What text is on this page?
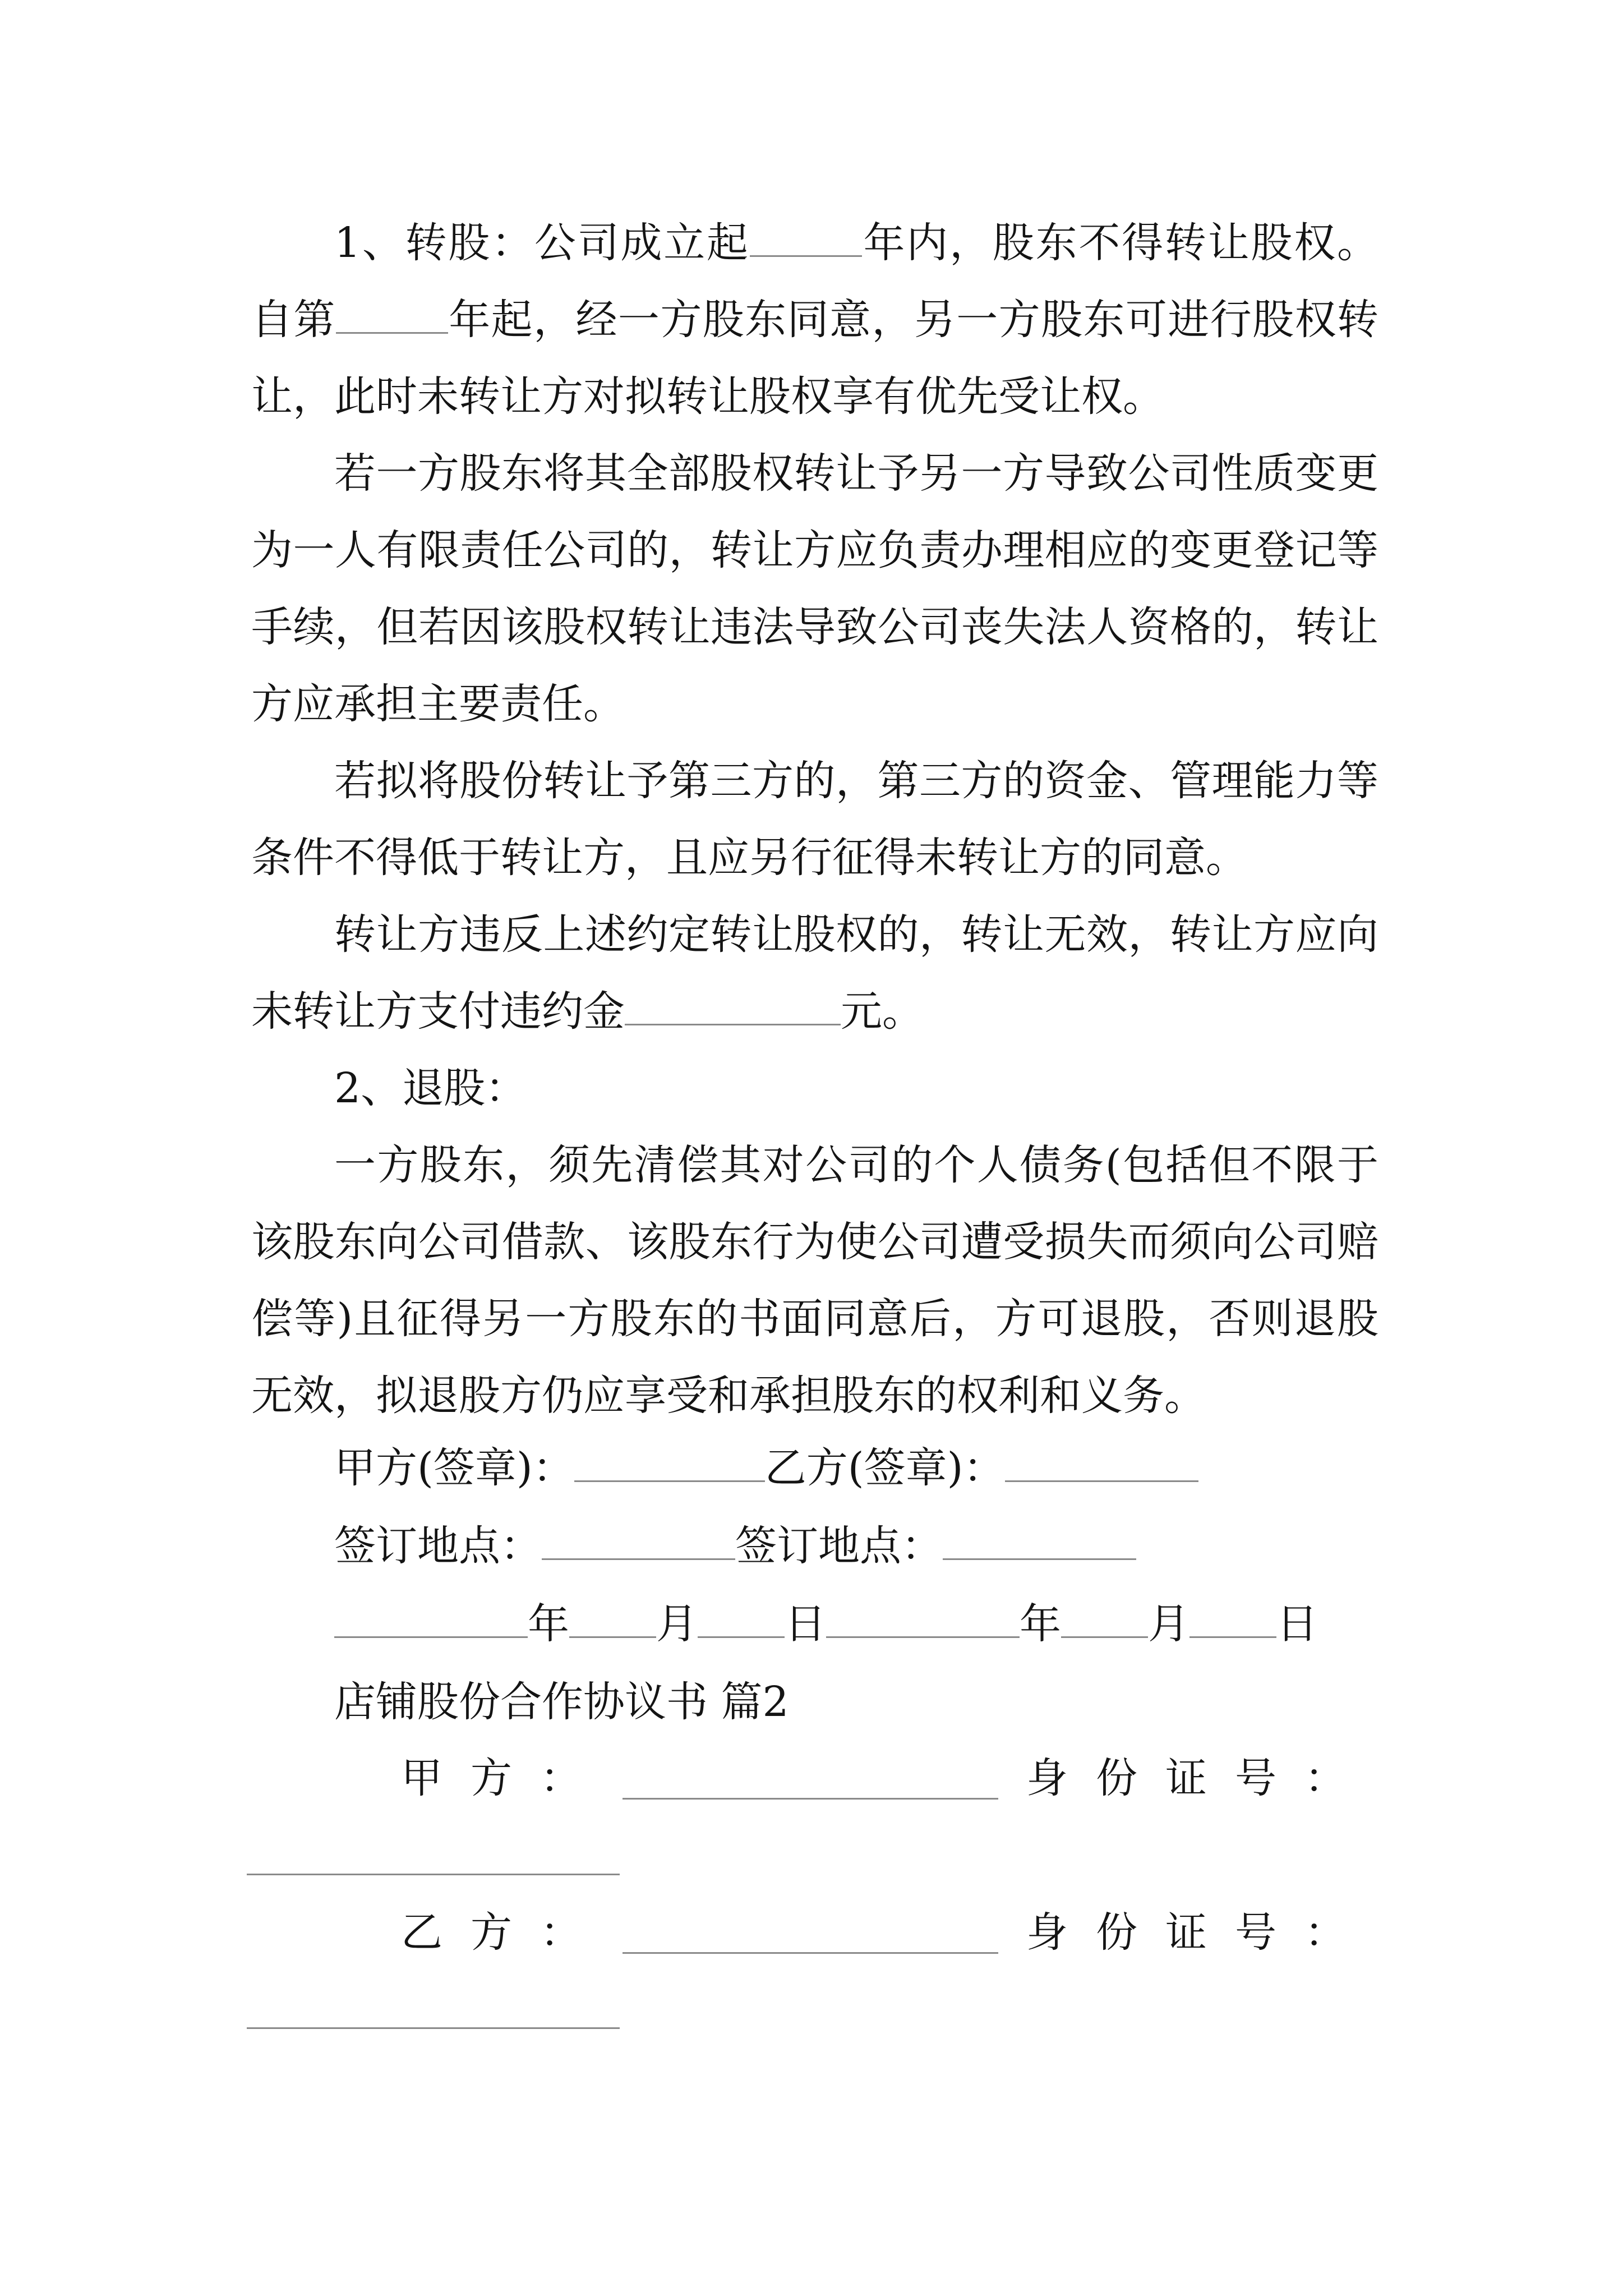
1、转股：公司成立起	年内，股东不得转让股权。自第	年起，经一方股东同意，另一方股东可进行股权转让，此时未转让方对拟转让股权享有优先受让权。

若一方股东将其全部股权转让予另一方导致公司性质变更为一人有限责任公司的，转让方应负责办理相应的变更登记等手续，但若因该股权转让违法导致公司丧失法人资格的，转让方应承担主要责任。

若拟将股份转让予第三方的，第三方的资金、管理能力等条件不得低于转让方，且应另行征得未转让方的同意。

转让方违反上述约定转让股权的，转让无效，转让方应向未转让方支付违约金	元。

2、退股：

一方股东，须先清偿其对公司的个人债务(包括但不限于该股东向公司借款、该股东行为使公司遭受损失而须向公司赔偿等)且征得另一方股东的书面同意后，方可退股，否则退股无效，拟退股方仍应享受和承担股东的权利和义务。

甲方(签章)：	乙方(签章)：
签订地点：	签订地点：
年 月 日	年 月 日
店铺股份合作协议书 篇2
甲方：	身份证号：
乙方：	身份证号：
